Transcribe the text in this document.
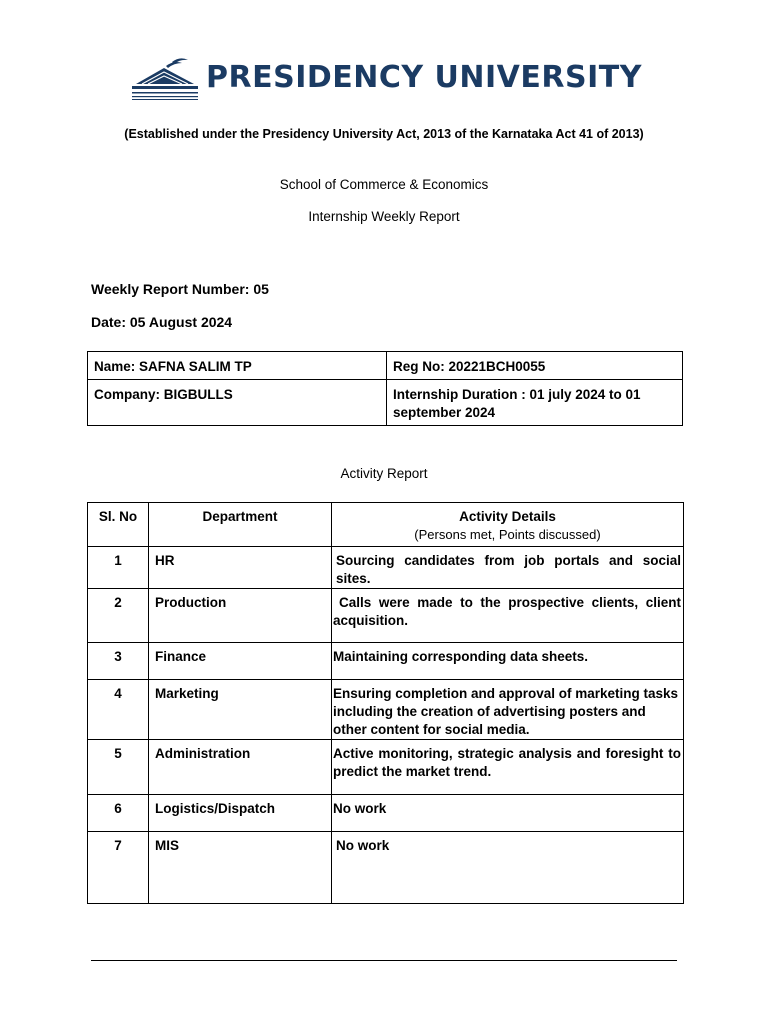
PRESIDENCY UNIVERSITY
(Established under the Presidency University Act, 2013 of the Karnataka Act 41 of 2013)
School of Commerce & Economics
Internship Weekly Report
Weekly Report Number: 05
Date: 05 August 2024
Name: SAFNA SALIM TP	Reg No: 20221BCH0055
Company: BIGBULLS	Internship Duration : 01 july 2024 to 01 september 2024
Activity Report
Sl. No	Department	Activity Details
(Persons met, Points discussed)

1	HR	Sourcing candidates from job portals and social sites.
2	Production	Calls were made to the prospective clients, client acquisition.
3	Finance	Maintaining corresponding data sheets.
4	Marketing	Ensuring completion and approval of marketing tasks including the creation of advertising posters and other content for social media.
5	Administration	Active monitoring, strategic analysis and foresight to predict the market trend.
6	Logistics/Dispatch	No work
7	MIS	No work
